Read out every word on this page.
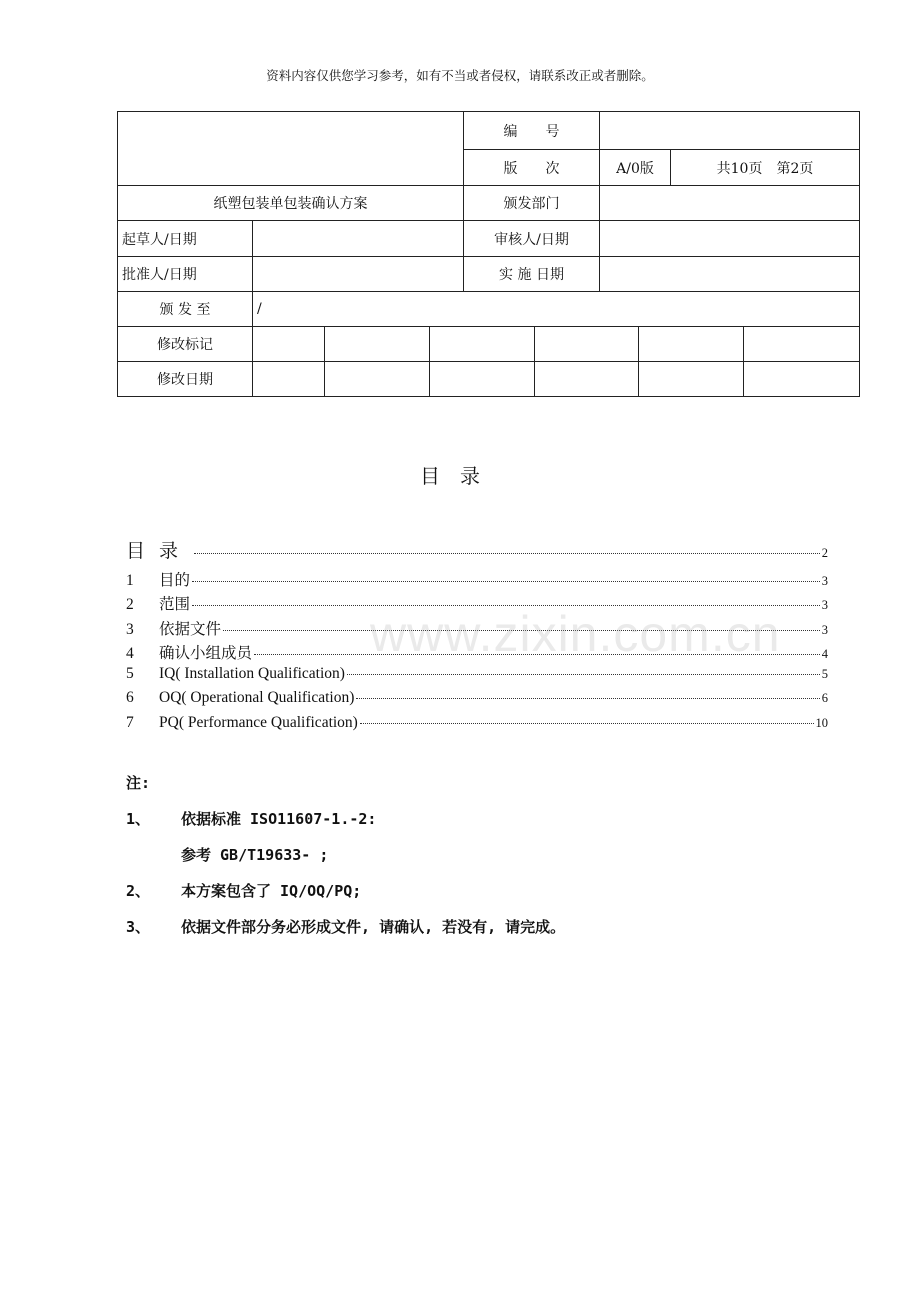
资料内容仅供您学习参考，如有不当或者侵权，请联系改正或者删除。
				编　　号					
				版　　次		A/0版		共10页　第2页	
纸塑包装单包装确认方案				颁发部门					
起草人/日期				审核人/日期					
批准人/日期				实 施 日期					
颁 发 至	/								
修改标记									
修改日期									
目录
目录	2
1	目的	3
2	范围	3
3	依据文件	3
4	确认小组成员	4
5	IQ( Installation Qualification)	5
6	OQ( Operational Qualification)	6
7	PQ( Performance Qualification)	10
www.zixin.com.cn
注:
1、 依据标准 ISO11607-1.-2:
参考 GB/T19633- ;
2、 本方案包含了 IQ/OQ/PQ;
3、 依据文件部分务必形成文件, 请确认, 若没有, 请完成。
